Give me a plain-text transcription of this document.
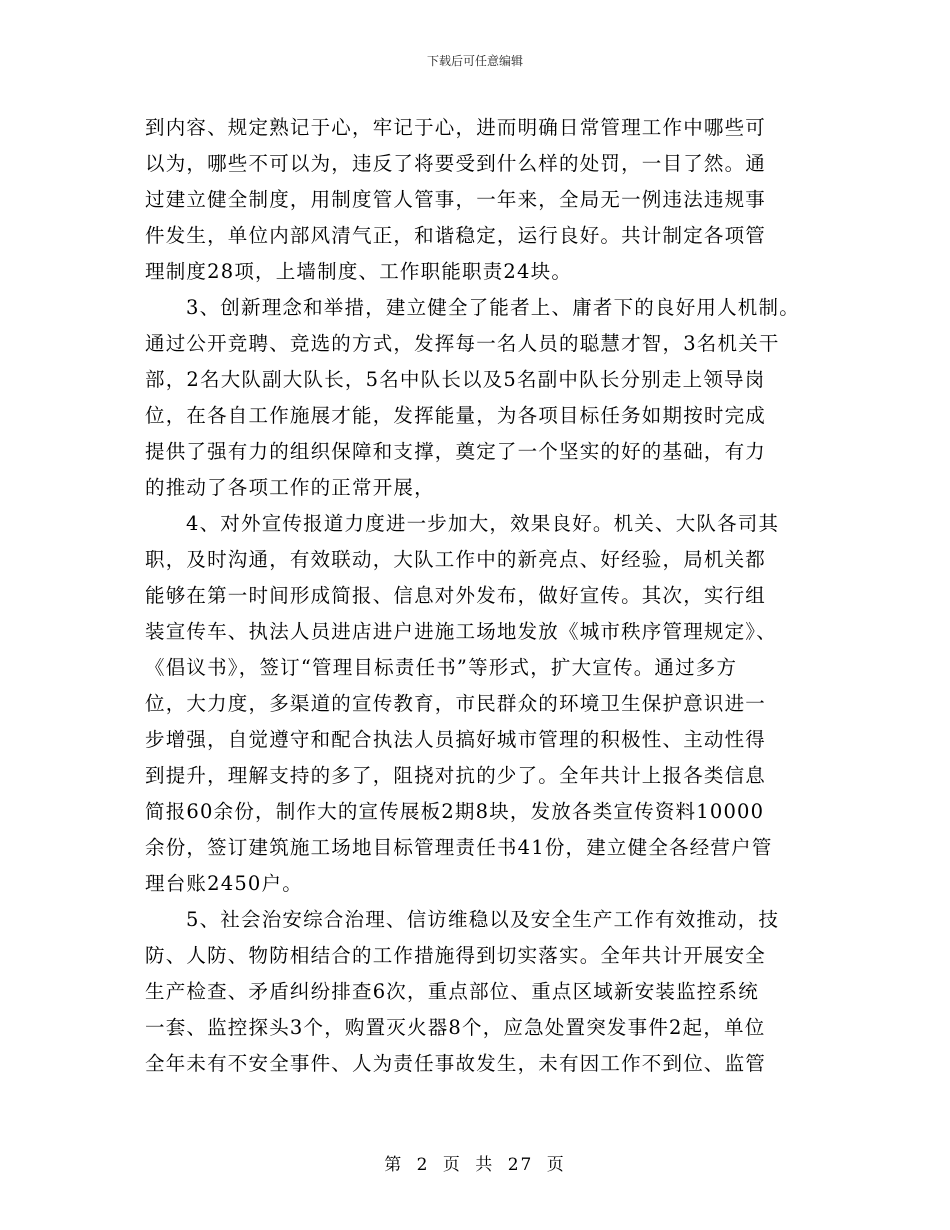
下载后可任意编辑
到内容、规定熟记于心，牢记于心，进而明确日常管理工作中哪些可
以为，哪些不可以为，违反了将要受到什么样的处罚，一目了然。通
过建立健全制度，用制度管人管事，一年来，全局无一例违法违规事
件发生，单位内部风清气正，和谐稳定，运行良好。共计制定各项管
理制度28项，上墙制度、工作职能职责24块。
3、创新理念和举措，建立健全了能者上、庸者下的良好用人机制。
通过公开竞聘、竞选的方式，发挥每一名人员的聪慧才智，3名机关干
部，2名大队副大队长，5名中队长以及5名副中队长分别走上领导岗
位，在各自工作施展才能，发挥能量，为各项目标任务如期按时完成
提供了强有力的组织保障和支撑，奠定了一个坚实的好的基础，有力
的推动了各项工作的正常开展，
4、对外宣传报道力度进一步加大，效果良好。机关、大队各司其
职，及时沟通，有效联动，大队工作中的新亮点、好经验，局机关都
能够在第一时间形成简报、信息对外发布，做好宣传。其次，实行组
装宣传车、执法人员进店进户进施工场地发放《城市秩序管理规定》、
《倡议书》，签订“管理目标责任书”等形式，扩大宣传。通过多方
位，大力度，多渠道的宣传教育，市民群众的环境卫生保护意识进一
步增强，自觉遵守和配合执法人员搞好城市管理的积极性、主动性得
到提升，理解支持的多了，阻挠对抗的少了。全年共计上报各类信息
简报60余份，制作大的宣传展板2期8块，发放各类宣传资料10000
余份，签订建筑施工场地目标管理责任书41份，建立健全各经营户管
理台账2450户。
5、社会治安综合治理、信访维稳以及安全生产工作有效推动，技
防、人防、物防相结合的工作措施得到切实落实。全年共计开展安全
生产检查、矛盾纠纷排查6次，重点部位、重点区域新安装监控系统
一套、监控探头3个，购置灭火器8个，应急处置突发事件2起，单位
全年未有不安全事件、人为责任事故发生，未有因工作不到位、监管
第 2 页 共 27 页
